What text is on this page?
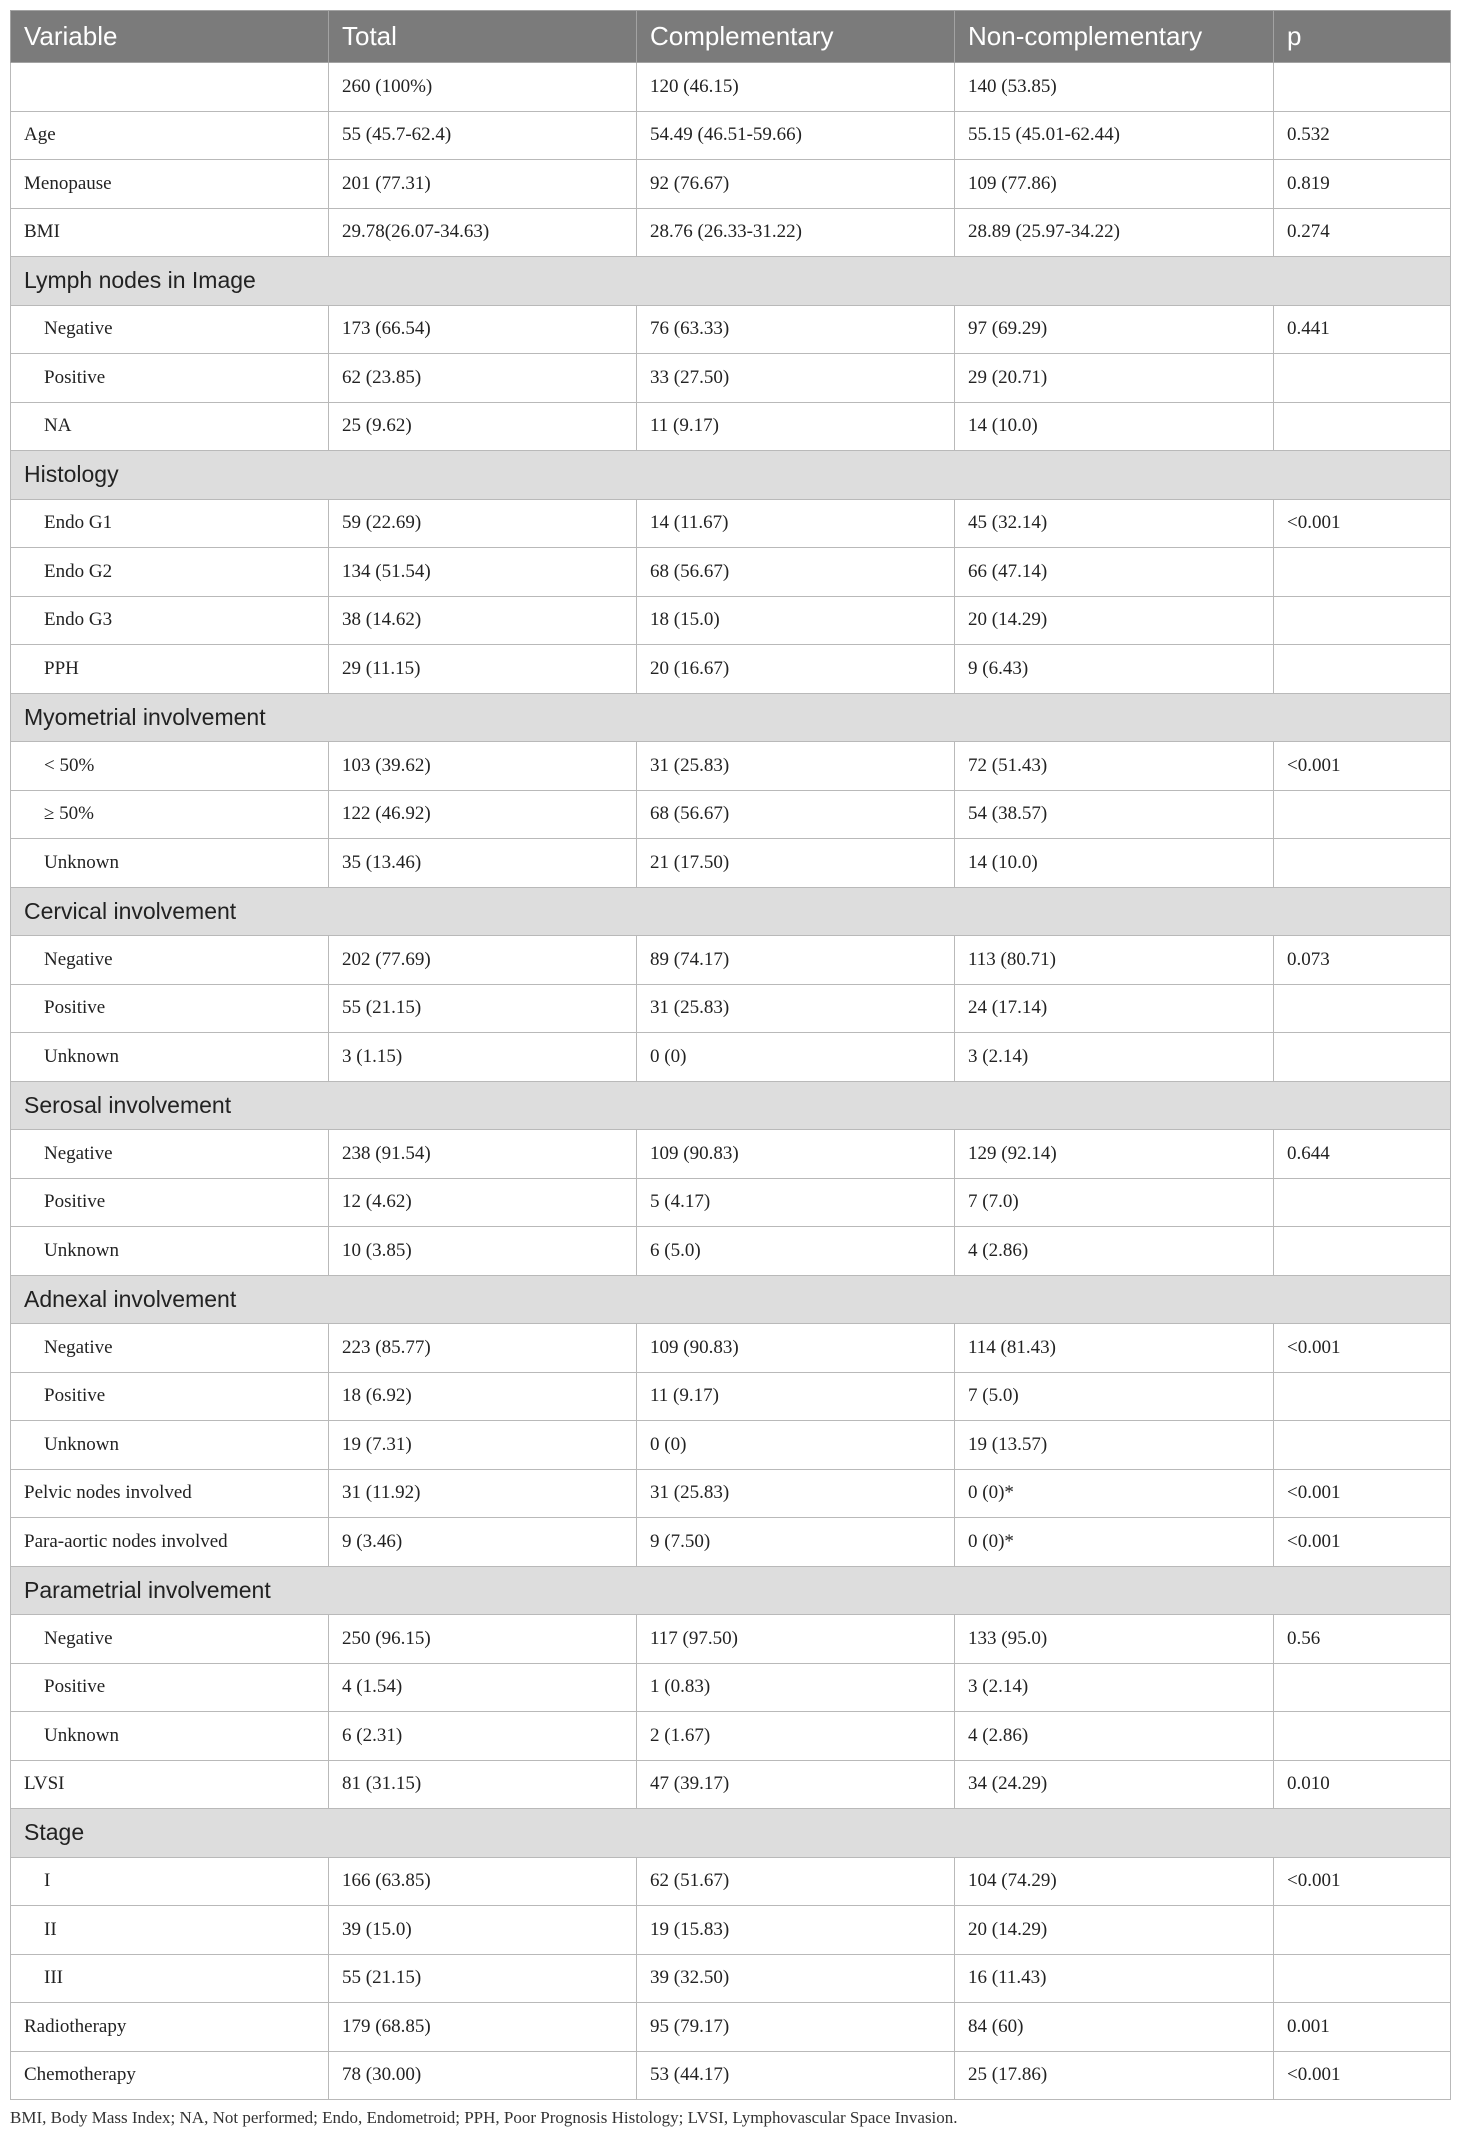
Variable	Total	Complementary	Non-complementary	p
	260 (100%)	120 (46.15)	140 (53.85)	
Age	55 (45.7-62.4)	54.49 (46.51-59.66)	55.15 (45.01-62.44)	0.532
Menopause	201 (77.31)	92 (76.67)	109 (77.86)	0.819
BMI	29.78(26.07-34.63)	28.76 (26.33-31.22)	28.89 (25.97-34.22)	0.274
Lymph nodes in Image				
Negative	173 (66.54)	76 (63.33)	97 (69.29)	0.441
Positive	62 (23.85)	33 (27.50)	29 (20.71)	
NA	25 (9.62)	11 (9.17)	14 (10.0)	
Histology				
Endo G1	59 (22.69)	14 (11.67)	45 (32.14)	<0.001
Endo G2	134 (51.54)	68 (56.67)	66 (47.14)	
Endo G3	38 (14.62)	18 (15.0)	20 (14.29)	
PPH	29 (11.15)	20 (16.67)	9 (6.43)	
Myometrial involvement				
< 50%	103 (39.62)	31 (25.83)	72 (51.43)	<0.001
≥ 50%	122 (46.92)	68 (56.67)	54 (38.57)	
Unknown	35 (13.46)	21 (17.50)	14 (10.0)	
Cervical involvement				
Negative	202 (77.69)	89 (74.17)	113 (80.71)	0.073
Positive	55 (21.15)	31 (25.83)	24 (17.14)	
Unknown	3 (1.15)	0 (0)	3 (2.14)	
Serosal involvement				
Negative	238 (91.54)	109 (90.83)	129 (92.14)	0.644
Positive	12 (4.62)	5 (4.17)	7 (7.0)	
Unknown	10 (3.85)	6 (5.0)	4 (2.86)	
Adnexal involvement				
Negative	223 (85.77)	109 (90.83)	114 (81.43)	<0.001
Positive	18 (6.92)	11 (9.17)	7 (5.0)	
Unknown	19 (7.31)	0 (0)	19 (13.57)	
Pelvic nodes involved	31 (11.92)	31 (25.83)	0 (0)*	<0.001
Para-aortic nodes involved	9 (3.46)	9 (7.50)	0 (0)*	<0.001
Parametrial involvement				
Negative	250 (96.15)	117 (97.50)	133 (95.0)	0.56
Positive	4 (1.54)	1 (0.83)	3 (2.14)	
Unknown	6 (2.31)	2 (1.67)	4 (2.86)	
LVSI	81 (31.15)	47 (39.17)	34 (24.29)	0.010
Stage				
I	166 (63.85)	62 (51.67)	104 (74.29)	<0.001
II	39 (15.0)	19 (15.83)	20 (14.29)	
III	55 (21.15)	39 (32.50)	16 (11.43)	
Radiotherapy	179 (68.85)	95 (79.17)	84 (60)	0.001
Chemotherapy	78 (30.00)	53 (44.17)	25 (17.86)	<0.001
BMI, Body Mass Index; NA, Not performed; Endo, Endometroid; PPH, Poor Prognosis Histology; LVSI, Lymphovascular Space Invasion.
